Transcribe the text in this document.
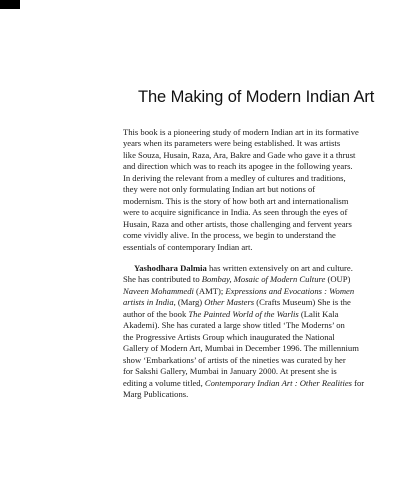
The Making of Modern Indian Art
This book is a pioneering study of modern Indian art in its formative
years when its parameters were being established. It was artists
like Souza, Husain, Raza, Ara, Bakre and Gade who gave it a thrust
and direction which was to reach its apogee in the following years.
In deriving the relevant from a medley of cultures and traditions,
they were not only formulating Indian art but notions of
modernism. This is the story of how both art and internationalism
were to acquire significance in India. As seen through the eyes of
Husain, Raza and other artists, those challenging and fervent years
come vividly alive. In the process, we begin to understand the
essentials of contemporary Indian art.
Yashodhara Dalmia has written extensively on art and culture.
She has contributed to Bombay, Mosaic of Modern Culture (OUP)
Naveen Mohammedi (AMT); Expressions and Evocations : Women
artists in India, (Marg) Other Masters (Crafts Museum) She is the
author of the book The Painted World of the Warlis (Lalit Kala
Akademi). She has curated a large show titled ‘The Moderns’ on
the Progressive Artists Group which inaugurated the National
Gallery of Modern Art, Mumbai in December 1996. The millennium
show ‘Embarkations’ of artists of the nineties was curated by her
for Sakshi Gallery, Mumbai in January 2000. At present she is
editing a volume titled, Contemporary Indian Art : Other Realities for
Marg Publications.
